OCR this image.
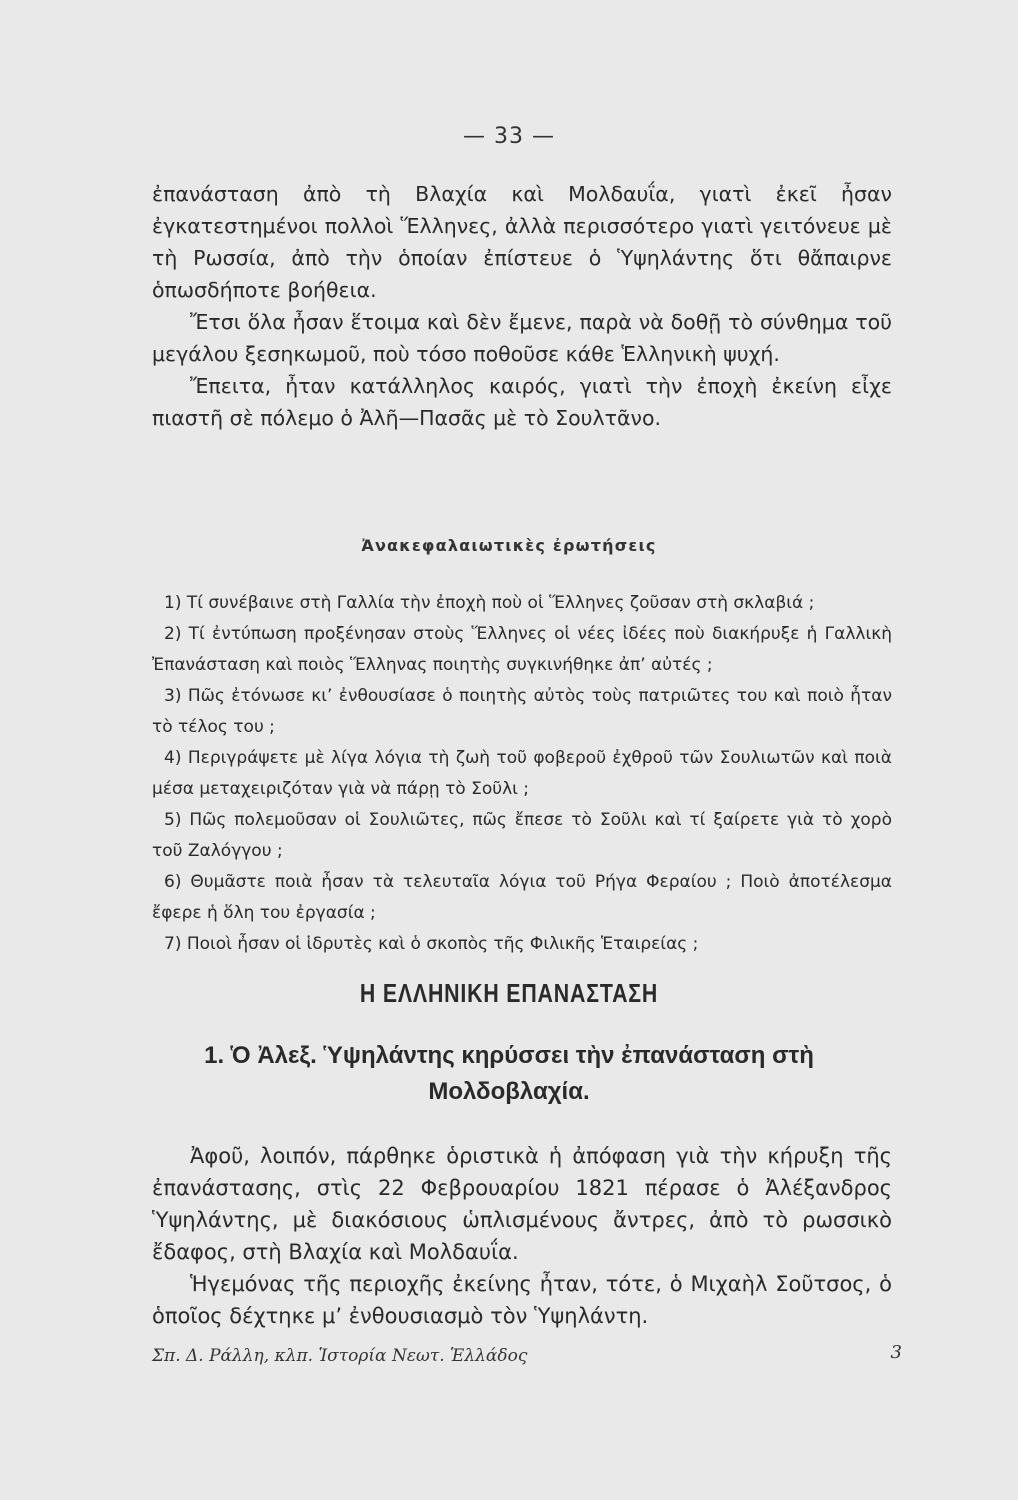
— 33 —

ἐπανάσταση ἀπὸ τὴ Βλαχία καὶ Μολδαυΐα, γιατὶ ἐκεῖ ἦσαν ἐγκατεστημένοι πολλοὶ Ἕλληνες, ἀλλὰ περισσότερο γιατὶ γειτόνευε μὲ τὴ Ρωσσία, ἀπὸ τὴν ὁποίαν ἐπίστευε ὁ Ὑψηλάντης ὅτι θἄπαιρνε ὁπωσδήποτε βοήθεια.

Ἔτσι ὅλα ἦσαν ἕτοιμα καὶ δὲν ἔμενε, παρὰ νὰ δοθῇ τὸ σύνθημα τοῦ μεγάλου ξεσηκωμοῦ, ποὺ τόσο ποθοῦσε κάθε Ἑλληνικὴ ψυχή.

Ἔπειτα, ἦταν κατάλληλος καιρός, γιατὶ τὴν ἐποχὴ ἐκείνη εἶχε πιαστῆ σὲ πόλεμο ὁ Ἀλῆ—Πασᾶς μὲ τὸ Σουλτᾶνο.

Ἀνακεφαλαιωτικὲς ἐρωτήσεις

1) Τί συνέβαινε στὴ Γαλλία τὴν ἐποχὴ ποὺ οἱ Ἕλληνες ζοῦσαν στὴ σκλαβιά ;

2) Τί ἐντύπωση προξένησαν στοὺς Ἕλληνες οἱ νέες ἰδέες ποὺ διακήρυξε ἡ Γαλλικὴ Ἐπανάσταση καὶ ποιὸς Ἕλληνας ποιητὴς συγκινήθηκε ἀπ’ αὐτές ;

3) Πῶς ἐτόνωσε κι’ ἐνθουσίασε ὁ ποιητὴς αὐτὸς τοὺς πατριῶτες του καὶ ποιὸ ἦταν τὸ τέλος του ;

4) Περιγράψετε μὲ λίγα λόγια τὴ ζωὴ τοῦ φοβεροῦ ἐχθροῦ τῶν Σουλιωτῶν καὶ ποιὰ μέσα μεταχειριζόταν γιὰ νὰ πάρῃ τὸ Σοῦλι ;

5) Πῶς πολεμοῦσαν οἱ Σουλιῶτες, πῶς ἔπεσε τὸ Σοῦλι καὶ τί ξαίρετε γιὰ τὸ χορὸ τοῦ Ζαλόγγου ;

6) Θυμᾶστε ποιὰ ἦσαν τὰ τελευταῖα λόγια τοῦ Ρήγα Φεραίου ; Ποιὸ ἀποτέλεσμα ἔφερε ἡ ὅλη του ἐργασία ;

7) Ποιοὶ ἦσαν οἱ ἱδρυτὲς καὶ ὁ σκοπὸς τῆς Φιλικῆς Ἑταιρείας ;

Η ΕΛΛΗΝΙΚΗ ΕΠΑΝΑΣΤΑΣΗ
1. Ὁ Ἀλεξ. Ὑψηλάντης κηρύσσει τὴν ἐπανάσταση στὴ Μολδοβλαχία.

Ἀφοῦ, λοιπόν, πάρθηκε ὁριστικὰ ἡ ἀπόφαση γιὰ τὴν κήρυξη τῆς ἐπανάστασης, στὶς 22 Φεβρουαρίου 1821 πέρασε ὁ Ἀλέξανδρος Ὑψηλάντης, μὲ διακόσιους ὡπλισμένους ἄντρες, ἀπὸ τὸ ρωσσικὸ ἔδαφος, στὴ Βλαχία καὶ Μολδαυΐα.

Ἡγεμόνας τῆς περιοχῆς ἐκείνης ἦταν, τότε, ὁ Μιχαὴλ Σοῦτσος, ὁ ὁποῖος δέχτηκε μ’ ἐνθουσιασμὸ τὸν Ὑψηλάντη.

Σπ. Δ. Ράλλη, κλπ. Ἱστορία Νεωτ. Ἑλλάδος	3
